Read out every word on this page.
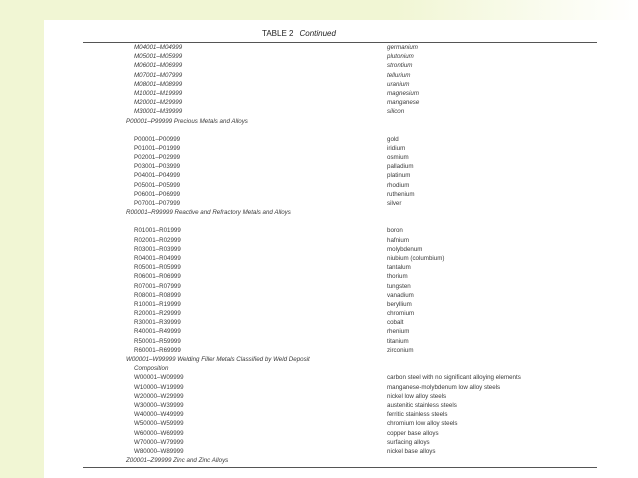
TABLE 2 Continued
M04001–M04999	germanium
M05001–M05999	plutonium
M06001–M06999	strontium
M07001–M07999	tellurium
M08001–M08999	uranium
M10001–M19999	magnesium
M20001–M29999	manganese
M30001–M39999	silicon
P00001–P99999 Precious Metals and Alloys
P00001–P00999	gold
P01001–P01999	iridium
P02001–P02999	osmium
P03001–P03999	palladium
P04001–P04999	platinum
P05001–P05999	rhodium
P06001–P06999	ruthenium
P07001–P07999	silver
R00001–R99999 Reactive and Refractory Metals and Alloys
R01001–R01999	boron
R02001–R02999	hafnium
R03001–R03999	molybdenum
R04001–R04999	niubium (columbium)
R05001–R05999	tantalum
R06001–R06999	thorium
R07001–R07999	tungsten
R08001–R08999	vanadium
R10001–R19999	beryllium
R20001–R29999	chromium
R30001–R39999	cobalt
R40001–R49999	rhenium
R50001–R59999	titanium
R60001–R69999	zirconium
W00001–W99999 Welding Filler Metals Classified by Weld Deposit
Composition
W00001–W09999	carbon steel with no significant alloying elements
W10000–W19999	manganese-molybdenum low alloy steels
W20000–W29999	nickel low alloy steels
W30000–W39999	austenitic stainless steels
W40000–W49999	ferritic stainless steels
W50000–W59999	chromium low alloy steels
W60000–W69999	copper base alloys
W70000–W79999	surfacing alloys
W80000–W89999	nickel base alloys
Z00001–Z99999 Zinc and Zinc Alloys
